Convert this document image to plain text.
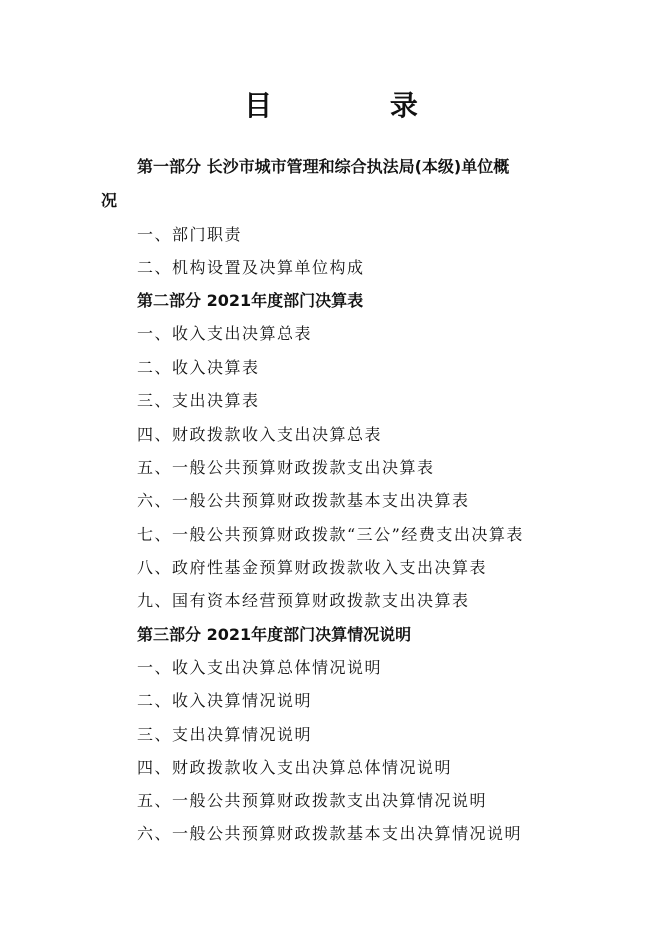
目 录
第一部分 长沙市城市管理和综合执法局(本级)单位概
况
一、部门职责
二、机构设置及决算单位构成
第二部分 2021年度部门决算表
一、收入支出决算总表
二、收入决算表
三、支出决算表
四、财政拨款收入支出决算总表
五、一般公共预算财政拨款支出决算表
六、一般公共预算财政拨款基本支出决算表
七、一般公共预算财政拨款“三公”经费支出决算表
八、政府性基金预算财政拨款收入支出决算表
九、国有资本经营预算财政拨款支出决算表
第三部分 2021年度部门决算情况说明
一、收入支出决算总体情况说明
二、收入决算情况说明
三、支出决算情况说明
四、财政拨款收入支出决算总体情况说明
五、一般公共预算财政拨款支出决算情况说明
六、一般公共预算财政拨款基本支出决算情况说明
